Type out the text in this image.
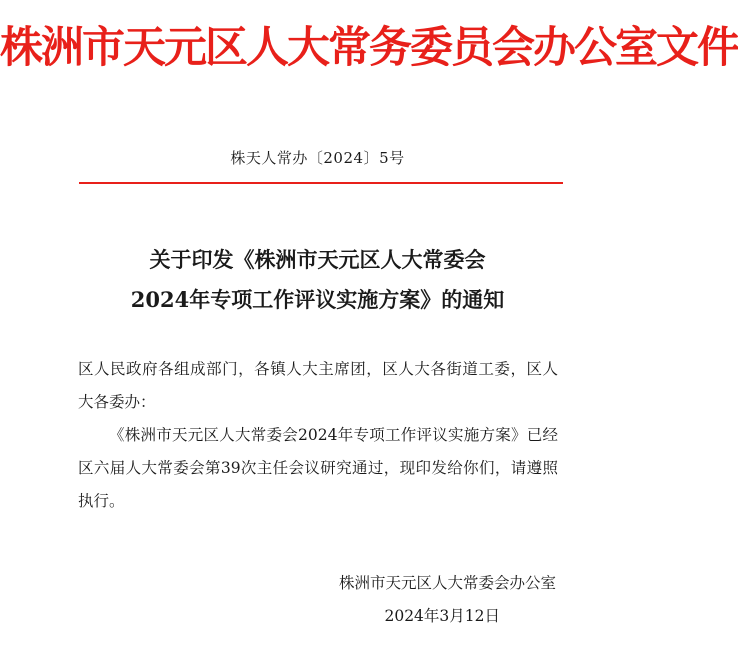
株洲市天元区人大常务委员会办公室文件
株天人常办〔2024〕5号
关于印发《株洲市天元区人大常委会
2024年专项工作评议实施方案》的通知

区人民政府各组成部门，各镇人大主席团，区人大各街道工委，区人大各委办：

《株洲市天元区人大常委会2024年专项工作评议实施方案》已经区六届人大常委会第39次主任会议研究通过，现印发给你们，请遵照执行。

株洲市天元区人大常委会办公室
2024年3月12日
